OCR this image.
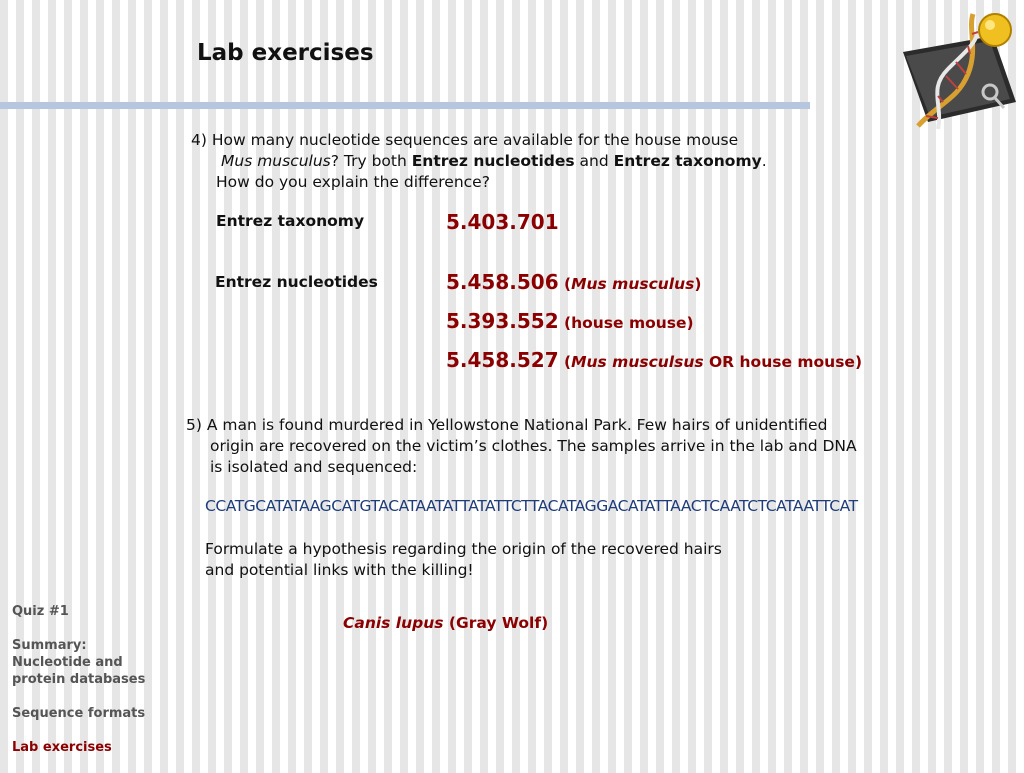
Lab exercises
4) How many nucleotide sequences are available for the house mouse
Mus musculus? Try both Entrez nucleotides and Entrez taxonomy.
How do you explain the difference?
Entrez taxonomy	5.403.701
Entrez nucleotides	5.458.506 (Mus musculus)
5.393.552 (house mouse)
5.458.527 (Mus musculsus OR house mouse)
5) A man is found murdered in Yellowstone National Park. Few hairs of unidentified
origin are recovered on the victim’s clothes. The samples arrive in the lab and DNA
is isolated and sequenced:
CCATGCATATAAGCATGTACATAATATTATATTCTTACATAGGACATATTAACTCAATCTCATAATTCAT
Formulate a hypothesis regarding the origin of the recovered hairs
and potential links with the killing!
Canis lupus (Gray Wolf)
Quiz #1
Summary: Nucleotide and protein databases
Sequence formats
Lab exercises
